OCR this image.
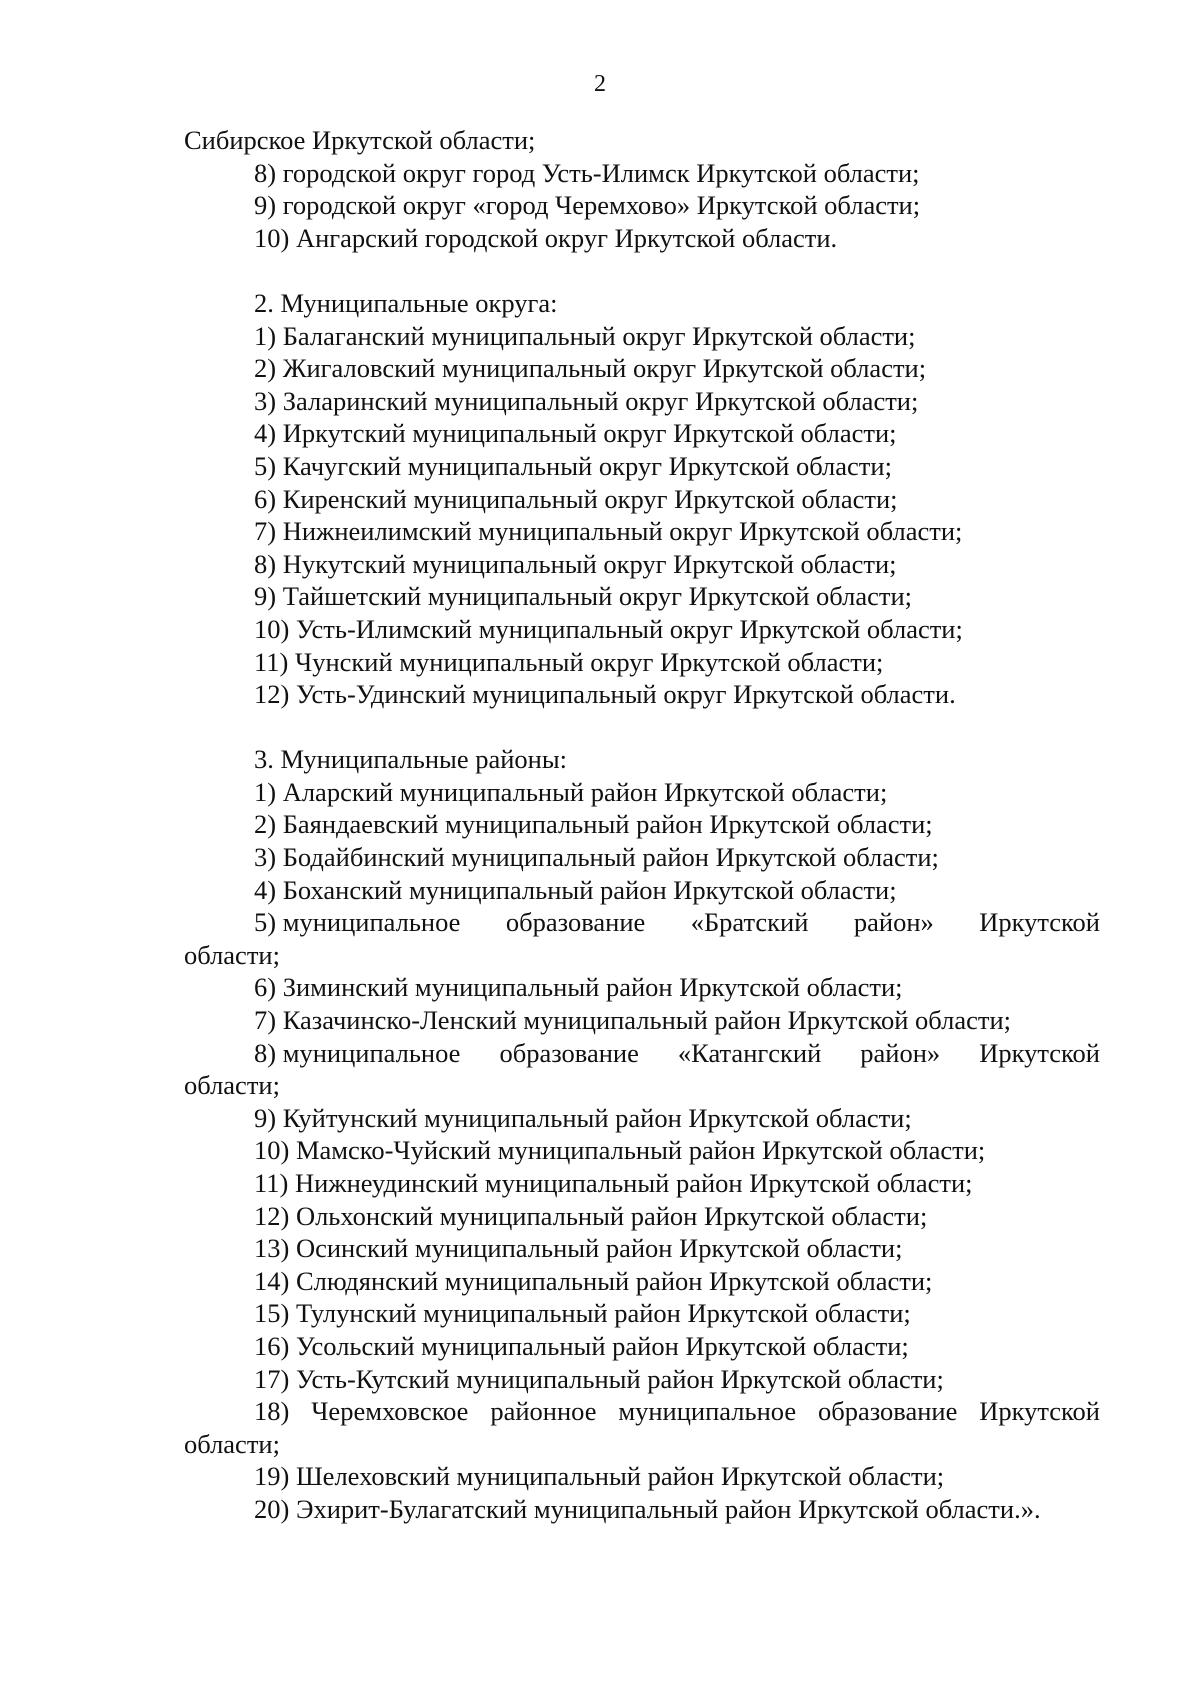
2
Сибирское Иркутской области;
8) городской округ город Усть-Илимск Иркутской области;
9) городской округ «город Черемхово» Иркутской области;
10) Ангарский городской округ Иркутской области.
2. Муниципальные округа:
1) Балаганский муниципальный округ Иркутской области;
2) Жигаловский муниципальный округ Иркутской области;
3) Заларинский муниципальный округ Иркутской области;
4) Иркутский муниципальный округ Иркутской области;
5) Качугский муниципальный округ Иркутской области;
6) Киренский муниципальный округ Иркутской области;
7) Нижнеилимский муниципальный округ Иркутской области;
8) Нукутский муниципальный округ Иркутской области;
9) Тайшетский муниципальный округ Иркутской области;
10) Усть-Илимский муниципальный округ Иркутской области;
11) Чунский муниципальный округ Иркутской области;
12) Усть-Удинский муниципальный округ Иркутской области.
3. Муниципальные районы:
1) Аларский муниципальный район Иркутской области;
2) Баяндаевский муниципальный район Иркутской области;
3) Бодайбинский муниципальный район Иркутской области;
4) Боханский муниципальный район Иркутской области;
5) муниципальное образование «Братский район» Иркутской
области;
6) Зиминский муниципальный район Иркутской области;
7) Казачинско-Ленский муниципальный район Иркутской области;
8) муниципальное образование «Катангский район» Иркутской
области;
9) Куйтунский муниципальный район Иркутской области;
10) Мамско-Чуйский муниципальный район Иркутской области;
11) Нижнеудинский муниципальный район Иркутской области;
12) Ольхонский муниципальный район Иркутской области;
13) Осинский муниципальный район Иркутской области;
14) Слюдянский муниципальный район Иркутской области;
15) Тулунский муниципальный район Иркутской области;
16) Усольский муниципальный район Иркутской области;
17) Усть-Кутский муниципальный район Иркутской области;
18) Черемховское районное муниципальное образование Иркутской
области;
19) Шелеховский муниципальный район Иркутской области;
20) Эхирит-Булагатский муниципальный район Иркутской области.».
